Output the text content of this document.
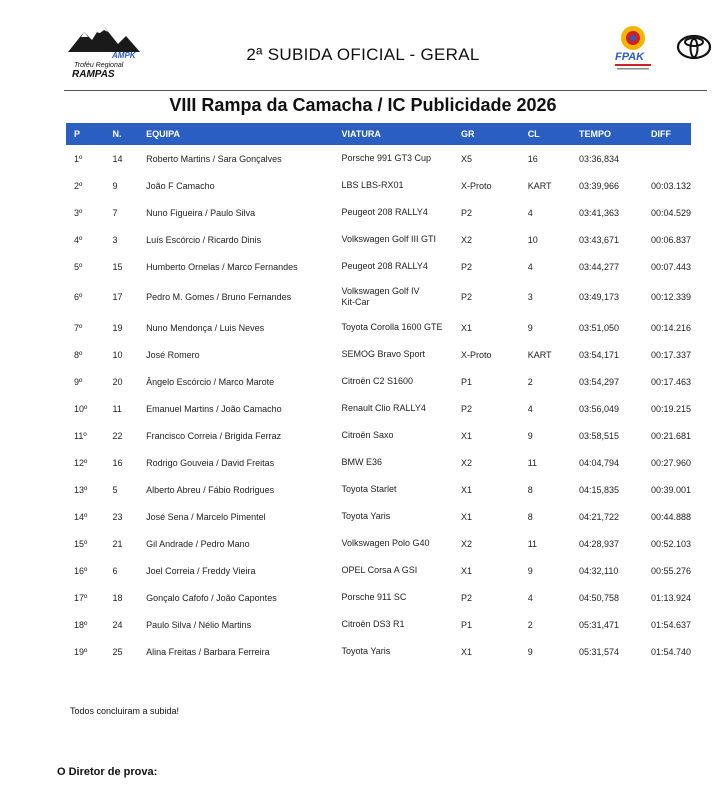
AMPK
Troféu Regional
RAMPAS
2ª SUBIDA OFICIAL - GERAL	FPAK
VIII Rampa da Camacha / IC Publicidade 2026
P	N.	EQUIPA	VIATURA	GR	CL	TEMPO	DIFF
1º	14	Roberto Martins / Sara Gonçalves	Porsche 991 GT3 Cup	X5	16	03:36,834	
2º	9	João F Camacho	LBS LBS-RX01	X-Proto	KART	03:39,966	00:03.132
3º	7	Nuno Figueira / Paulo Silva	Peugeot 208 RALLY4	P2	4	03:41,363	00:04.529
4º	3	Luís Escórcio / Ricardo Dinis	Volkswagen Golf III GTI	X2	10	03:43,671	00:06.837
5º	15	Humberto Ornelas / Marco Fernandes	Peugeot 208 RALLY4	P2	4	03:44,277	00:07.443
6º	17	Pedro M. Gomes / Bruno Fernandes	Volkswagen Golf IV
Kit-Car	P2	3	03:49,173	00:12.339
7º	19	Nuno Mendonça / Luis Neves	Toyota Corolla 1600 GTE	X1	9	03:51,050	00:14.216
8º	10	José Romero	SEMOG Bravo Sport	X-Proto	KART	03:54,171	00:17.337
9º	20	Ângelo Escórcio / Marco Marote	Citroën C2 S1600	P1	2	03:54,297	00:17.463
10º	11	Emanuel Martins / João Camacho	Renault Clio RALLY4	P2	4	03:56,049	00:19.215
11º	22	Francisco Correia / Brigida Ferraz	Citroën Saxo	X1	9	03:58,515	00:21.681
12º	16	Rodrigo Gouveia / David Freitas	BMW E36	X2	11	04:04,794	00:27.960
13º	5	Alberto Abreu / Fábio Rodrigues	Toyota Starlet	X1	8	04:15,835	00:39.001
14º	23	José Sena / Marcelo Pimentel	Toyota Yaris	X1	8	04:21,722	00:44.888
15º	21	Gil Andrade / Pedro Mano	Volkswagen Polo G40	X2	11	04:28,937	00:52.103
16º	6	Joel Correia / Freddy Vieira	OPEL Corsa A GSI	X1	9	04:32,110	00:55.276
17º	18	Gonçalo Cafofo / João Capontes	Porsche 911 SC	P2	4	04:50,758	01:13.924
18º	24	Paulo Silva / Nélio Martins	Citroën DS3 R1	P1	2	05:31,471	01:54.637
19º	25	Alina Freitas / Barbara Ferreira	Toyota Yaris	X1	9	05:31,574	01:54.740
Todos concluiram a subida!
O Diretor de prova:
